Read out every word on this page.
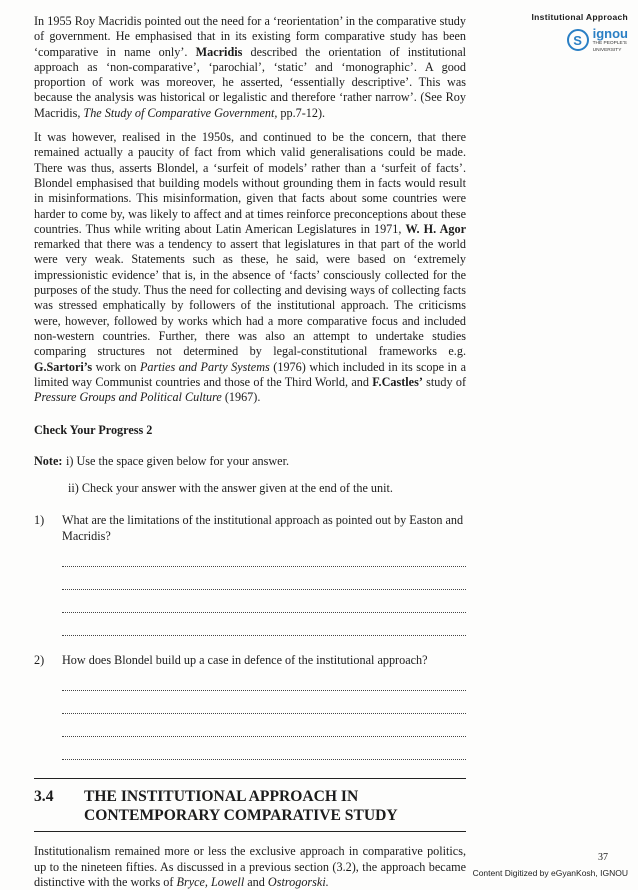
Institutional Approach
S ignou
THE PEOPLE'S
UNIVERSITY

In 1955 Roy Macridis pointed out the need for a ‘reorientation’ in the comparative study of government. He emphasised that in its existing form comparative study has been ‘comparative in name only’. Macridis described the orientation of institutional approach as ‘non-comparative’, ‘parochial’, ‘static’ and ‘monographic’. A good proportion of work was moreover, he asserted, ‘essentially descriptive’. This was because the analysis was historical or legalistic and therefore ‘rather narrow’. (See Roy Macridis, The Study of Comparative Government, pp.7-12).

It was however, realised in the 1950s, and continued to be the concern, that there remained actually a paucity of fact from which valid generalisations could be made. There was thus, asserts Blondel, a ‘surfeit of models’ rather than a ‘surfeit of facts’. Blondel emphasised that building models without grounding them in facts would result in misinformations. This misinformation, given that facts about some countries were harder to come by, was likely to affect and at times reinforce preconceptions about these countries. Thus while writing about Latin American Legislatures in 1971, W. H. Agor remarked that there was a tendency to assert that legislatures in that part of the world were very weak. Statements such as these, he said, were based on ‘extremely impressionistic evidence’ that is, in the absence of ‘facts’ consciously collected for the purposes of the study. Thus the need for collecting and devising ways of collecting facts was stressed emphatically by followers of the institutional approach. The criticisms were, however, followed by works which had a more comparative focus and included non-western countries. Further, there was also an attempt to undertake studies comparing structures not determined by legal-constitutional frameworks e.g. G.Sartori’s work on Parties and Party Systems (1976) which included in its scope in a limited way Communist countries and those of the Third World, and F.Castles’ study of Pressure Groups and Political Culture (1967).

Check Your Progress 2
Note: i) Use the space given below for your answer.
ii) Check your answer with the answer given at the end of the unit.
1)	What are the limitations of the institutional approach as pointed out by Easton and Macridis?
2)	How does Blondel build up a case in defence of the institutional approach?
3.4	THE INSTITUTIONAL APPROACH IN
CONTEMPORARY COMPARATIVE STUDY

Institutionalism remained more or less the exclusive approach in comparative politics, up to the nineteen fifties. As discussed in a previous section (3.2), the approach became distinctive with the works of Bryce, Lowell and Ostrogorski.

37
Content Digitized by eGyanKosh, IGNOU
